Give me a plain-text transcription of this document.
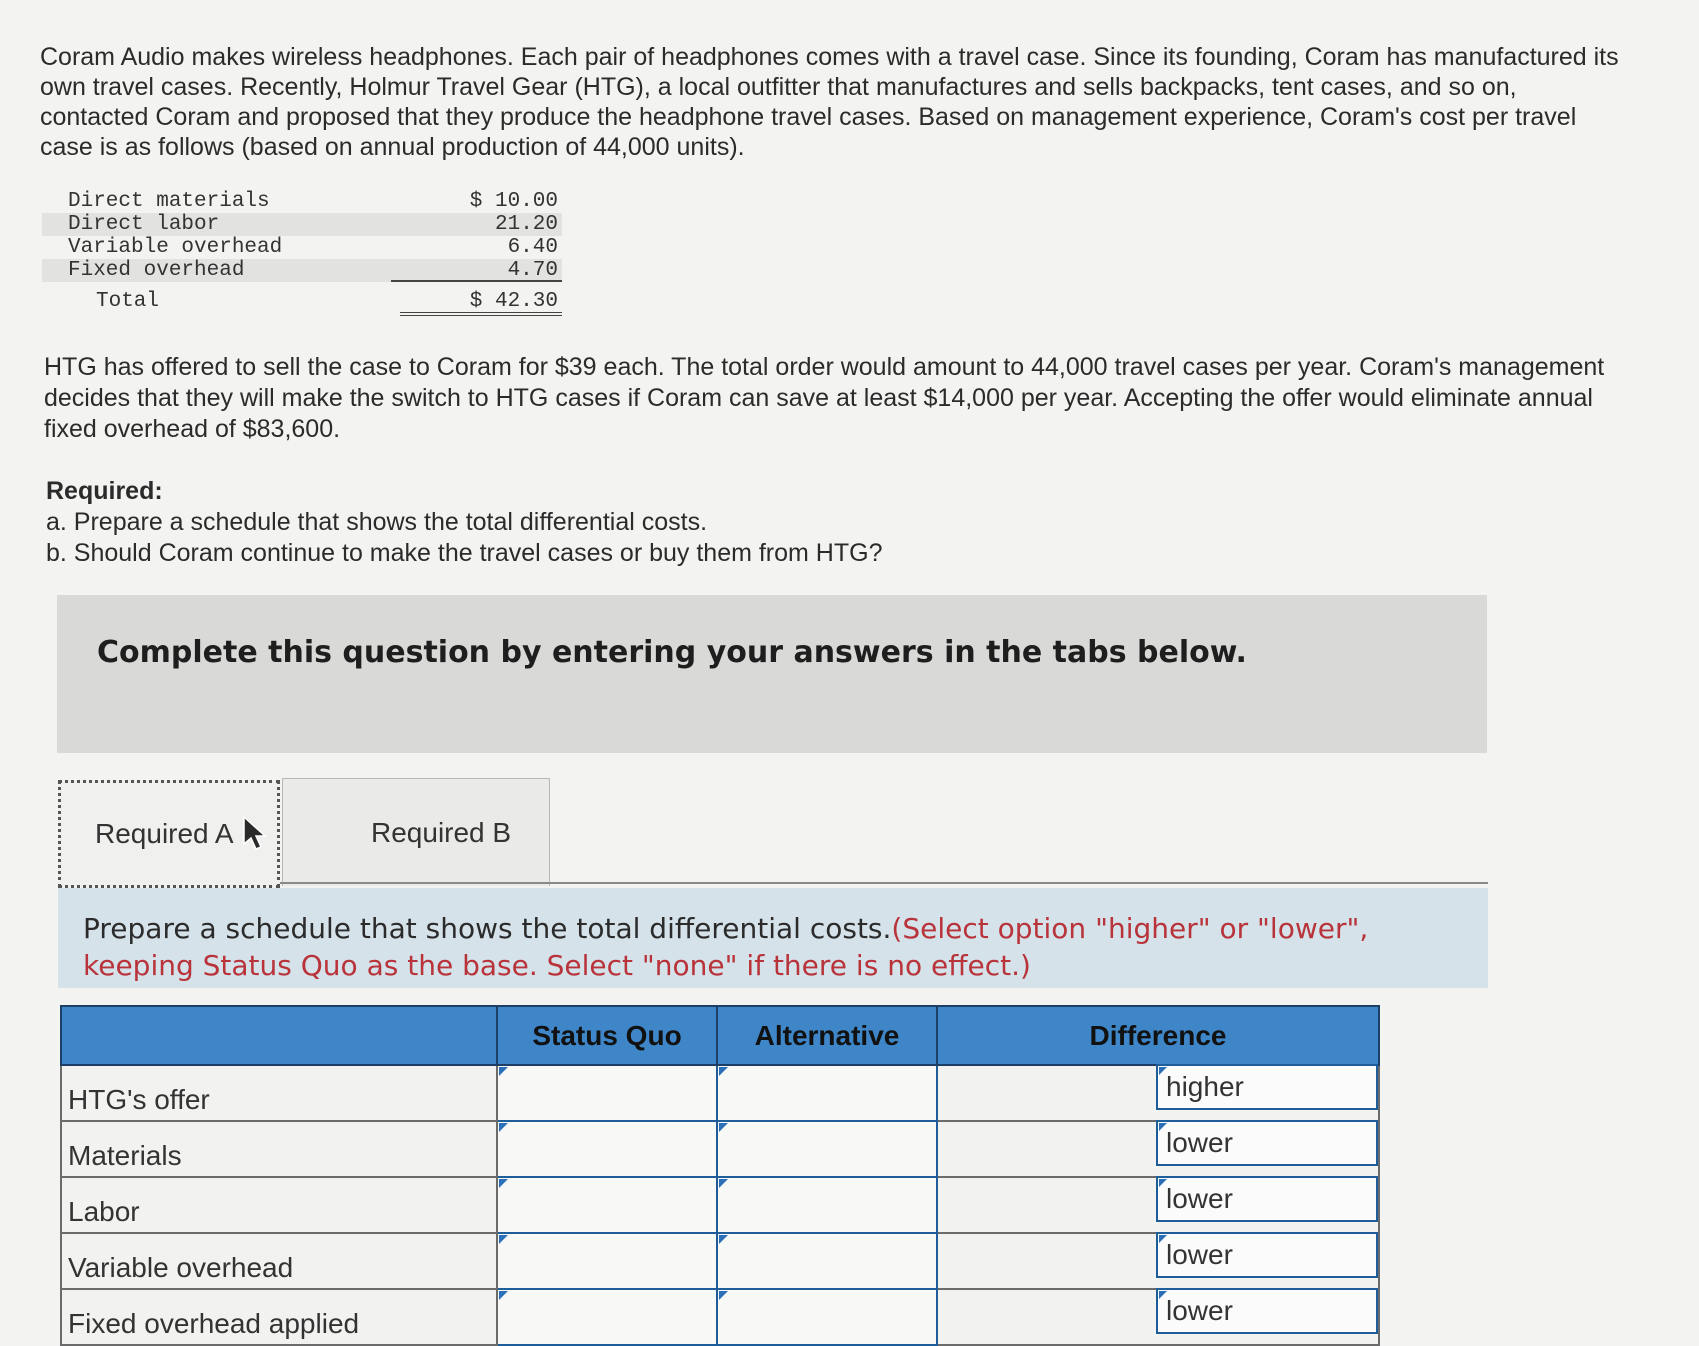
Coram Audio makes wireless headphones. Each pair of headphones comes with a travel case. Since its founding, Coram has manufactured its own travel cases. Recently, Holmur Travel Gear (HTG), a local outfitter that manufactures and sells backpacks, tent cases, and so on, contacted Coram and proposed that they produce the headphone travel cases. Based on management experience, Coram's cost per travel case is as follows (based on annual production of 44,000 units).

Direct materials	$ 10.00
Direct labor	21.20
Variable overhead	6.40
Fixed overhead	4.70
Total	$ 42.30

HTG has offered to sell the case to Coram for $39 each. The total order would amount to 44,000 travel cases per year. Coram's management decides that they will make the switch to HTG cases if Coram can save at least $14,000 per year. Accepting the offer would eliminate annual fixed overhead of $83,600.

Required:
a. Prepare a schedule that shows the total differential costs.
b. Should Coram continue to make the travel cases or buy them from HTG?
Complete this question by entering your answers in the tabs below.
Required A	Required B
Prepare a schedule that shows the total differential costs.(Select option "higher" or "lower", keeping Status Quo as the base. Select "none" if there is no effect.)
	Status Quo	Alternative	Difference
HTG's offer			higher

Materials			lower

Labor			lower

Variable overhead			lower

Fixed overhead applied			lower
